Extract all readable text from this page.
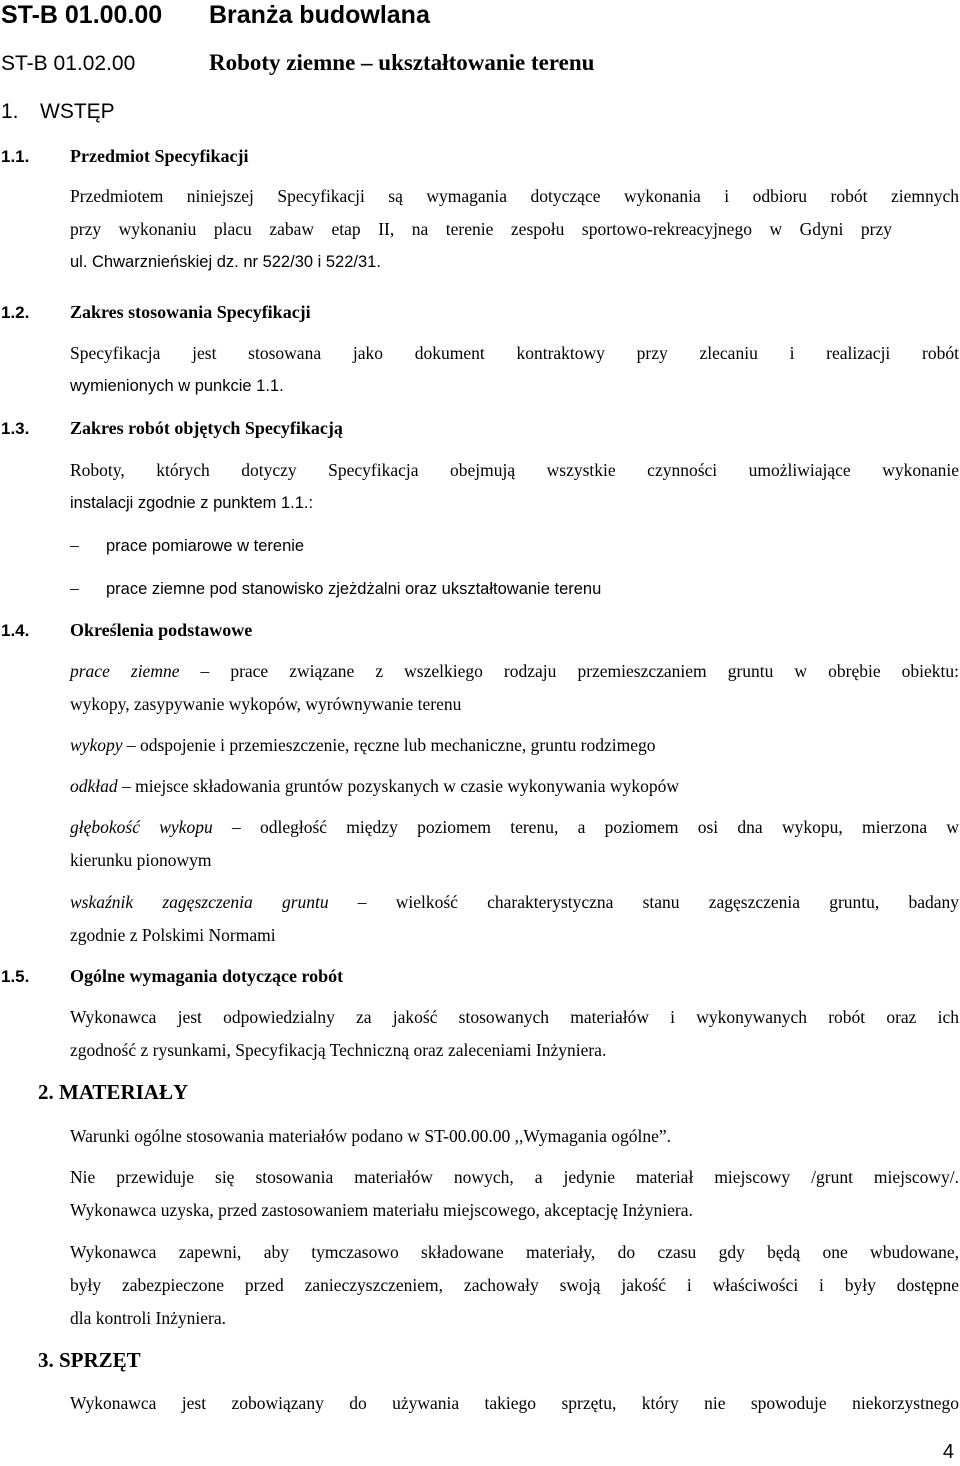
ST-B 01.00.00 Branża budowlana
ST-B 01.02.00	Roboty ziemne – ukształtowanie terenu
1. WSTĘP
1.1. Przedmiot Specyfikacji
Przedmiotem niniejszej Specyfikacji są wymagania dotyczące wykonania i odbioru robót ziemnych
przy wykonaniu placu zabaw etap II, na terenie zespołu sportowo-rekreacyjnego w Gdyni przy
ul. Chwarznieńskiej dz. nr 522/30 i 522/31.
1.2. Zakres stosowania Specyfikacji
Specyfikacja jest stosowana jako dokument kontraktowy przy zlecaniu i realizacji robót
wymienionych w punkcie 1.1.
1.3. Zakres robót objętych Specyfikacją
Roboty, których dotyczy Specyfikacja obejmują wszystkie czynności umożliwiające wykonanie
instalacji zgodnie z punktem 1.1.:
– prace pomiarowe w terenie
– prace ziemne pod stanowisko zjeżdżalni oraz ukształtowanie terenu
1.4. Określenia podstawowe
prace ziemne – prace związane z wszelkiego rodzaju przemieszczaniem gruntu w obrębie obiektu:
wykopy, zasypywanie wykopów, wyrównywanie terenu
wykopy – odspojenie i przemieszczenie, ręczne lub mechaniczne, gruntu rodzimego
odkład – miejsce składowania gruntów pozyskanych w czasie wykonywania wykopów
głębokość wykopu – odległość między poziomem terenu, a poziomem osi dna wykopu, mierzona w
kierunku pionowym
wskaźnik zagęszczenia gruntu – wielkość charakterystyczna stanu zagęszczenia gruntu, badany
zgodnie z Polskimi Normami
1.5. Ogólne wymagania dotyczące robót
Wykonawca jest odpowiedzialny za jakość stosowanych materiałów i wykonywanych robót oraz ich
zgodność z rysunkami, Specyfikacją Techniczną oraz zaleceniami Inżyniera.
2. MATERIAŁY
Warunki ogólne stosowania materiałów podano w ST-00.00.00 ,,Wymagania ogólne”.
Nie przewiduje się stosowania materiałów nowych, a jedynie materiał miejscowy /grunt miejscowy/.
Wykonawca uzyska, przed zastosowaniem materiału miejscowego, akceptację Inżyniera.
Wykonawca zapewni, aby tymczasowo składowane materiały, do czasu gdy będą one wbudowane,
były zabezpieczone przed zanieczyszczeniem, zachowały swoją jakość i właściwości i były dostępne
dla kontroli Inżyniera.
3. SPRZĘT
Wykonawca jest zobowiązany do używania takiego sprzętu, który nie spowoduje niekorzystnego
4
